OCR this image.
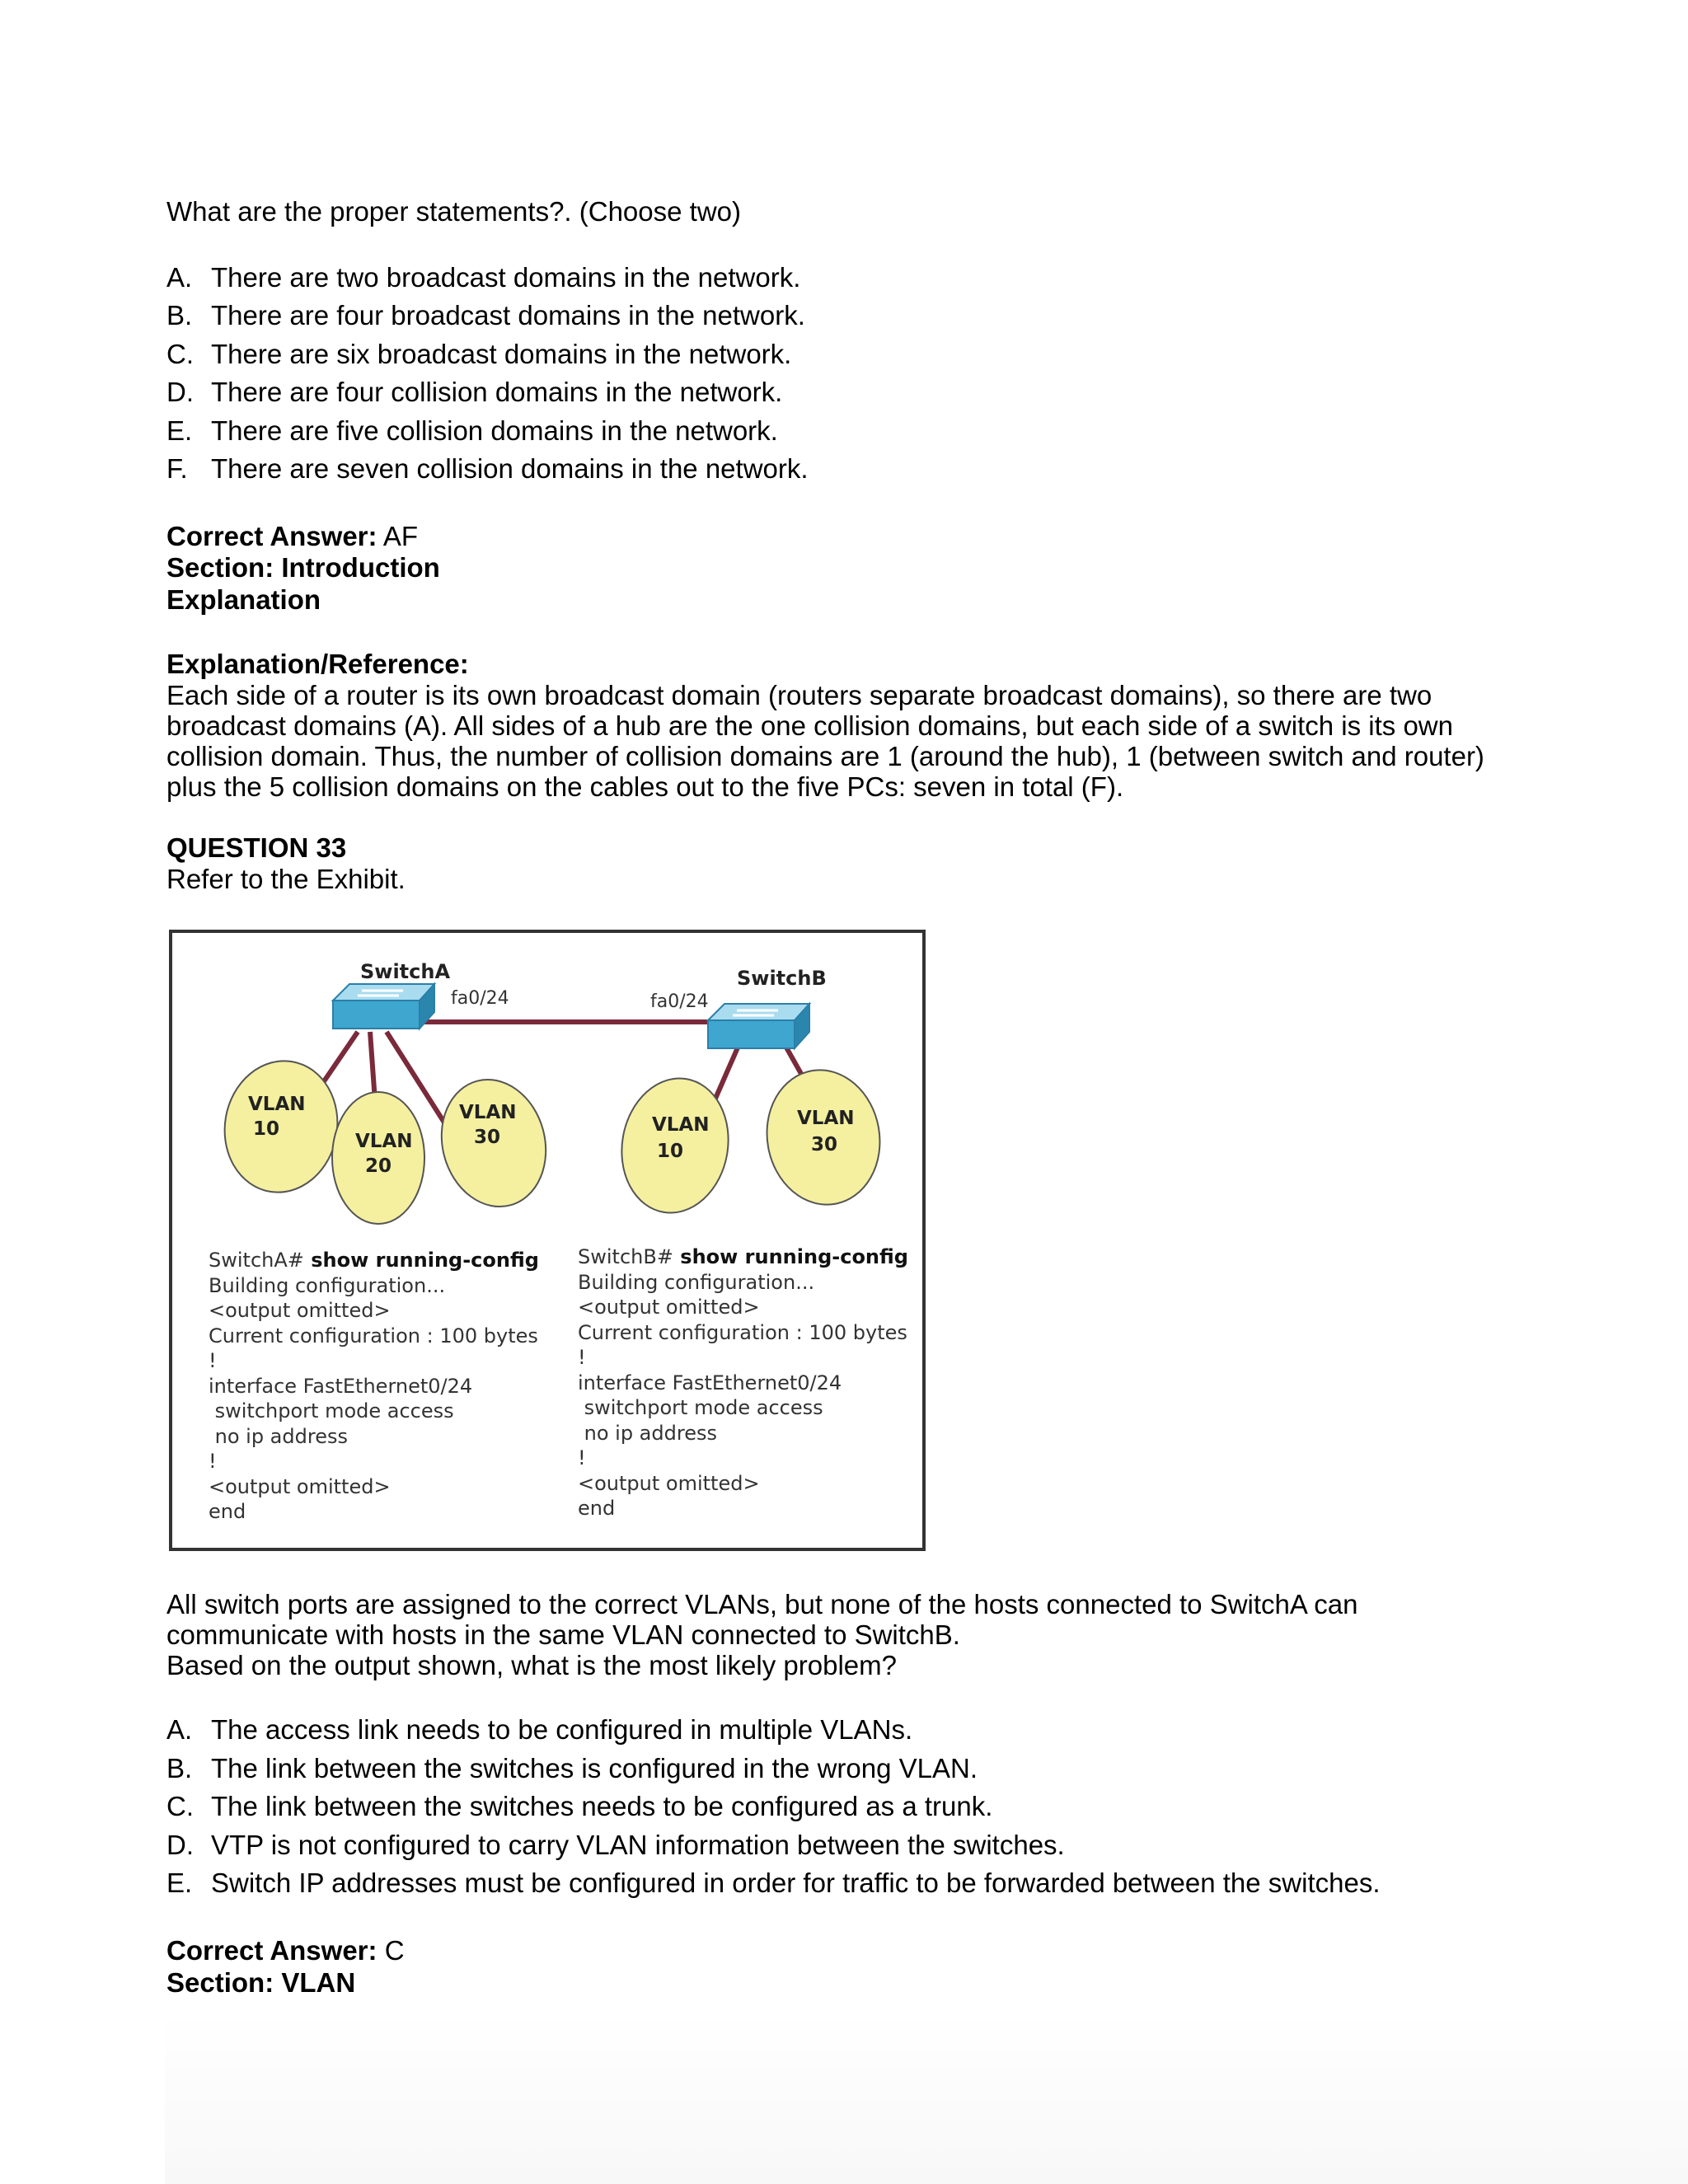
What are the proper statements?. (Choose two)
A. There are two broadcast domains in the network.
B. There are four broadcast domains in the network.
C. There are six broadcast domains in the network.
D. There are four collision domains in the network.
E. There are five collision domains in the network.
F. There are seven collision domains in the network.
Correct Answer: AF
Section: Introduction
Explanation
Explanation/Reference:
Each side of a router is its own broadcast domain (routers separate broadcast domains), so there are two
broadcast domains (A). All sides of a hub are the one collision domains, but each side of a switch is its own
collision domain. Thus, the number of collision domains are 1 (around the hub), 1 (between switch and router)
plus the 5 collision domains on the cables out to the five PCs: seven in total (F).
QUESTION 33
Refer to the Exhibit.
SwitchA	SwitchB
fa0/24	fa0/24
VLAN
10
VLAN
20
VLAN
30
VLAN
10
VLAN
30
SwitchA# show running-config
Building configuration...
<output omitted>
Current configuration : 100 bytes
!
interface FastEthernet0/24
switchport mode access
no ip address
!
<output omitted>
end
SwitchB# show running-config
Building configuration...
<output omitted>
Current configuration : 100 bytes
!
interface FastEthernet0/24
switchport mode access
no ip address
!
<output omitted>
end
All switch ports are assigned to the correct VLANs, but none of the hosts connected to SwitchA can
communicate with hosts in the same VLAN connected to SwitchB.
Based on the output shown, what is the most likely problem?
A. The access link needs to be configured in multiple VLANs.
B. The link between the switches is configured in the wrong VLAN.
C. The link between the switches needs to be configured as a trunk.
D. VTP is not configured to carry VLAN information between the switches.
E. Switch IP addresses must be configured in order for traffic to be forwarded between the switches.
Correct Answer: C
Section: VLAN
